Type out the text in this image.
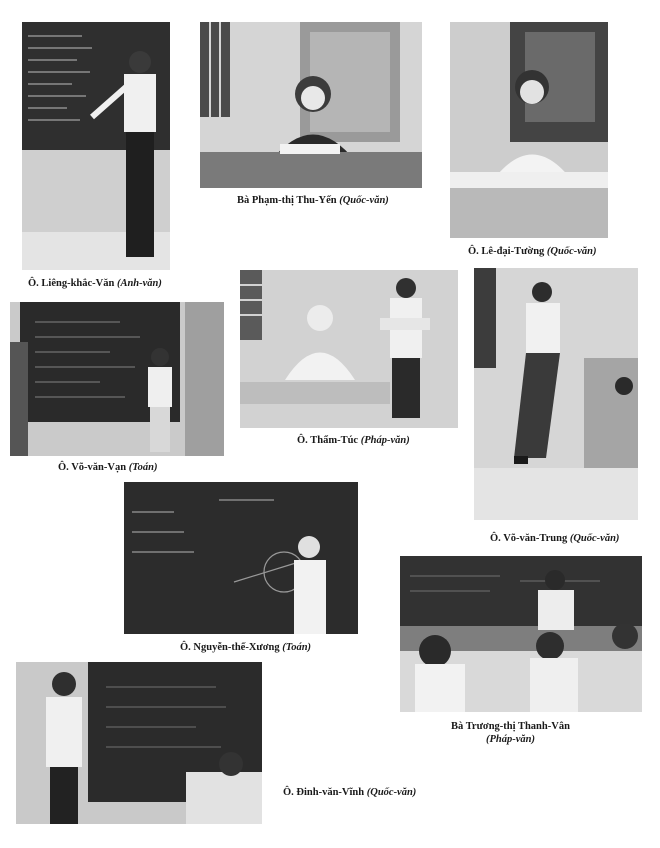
Ô. Liêng-khắc-Văn (Anh-văn)
Bà Phạm-thị Thu-Yến (Quốc-văn)
Ô. Lê-đại-Tường (Quốc-văn)
Ô. Võ-văn-Vạn (Toán)
Ô. Thẩm-Túc (Pháp-văn)
Ô. Võ-văn-Trung (Quốc-văn)
Ô. Nguyễn-thế-Xương (Toán)
Bà Trương-thị Thanh-Vân
(Pháp-văn)
Ô. Đinh-văn-Vĩnh (Quốc-văn)
